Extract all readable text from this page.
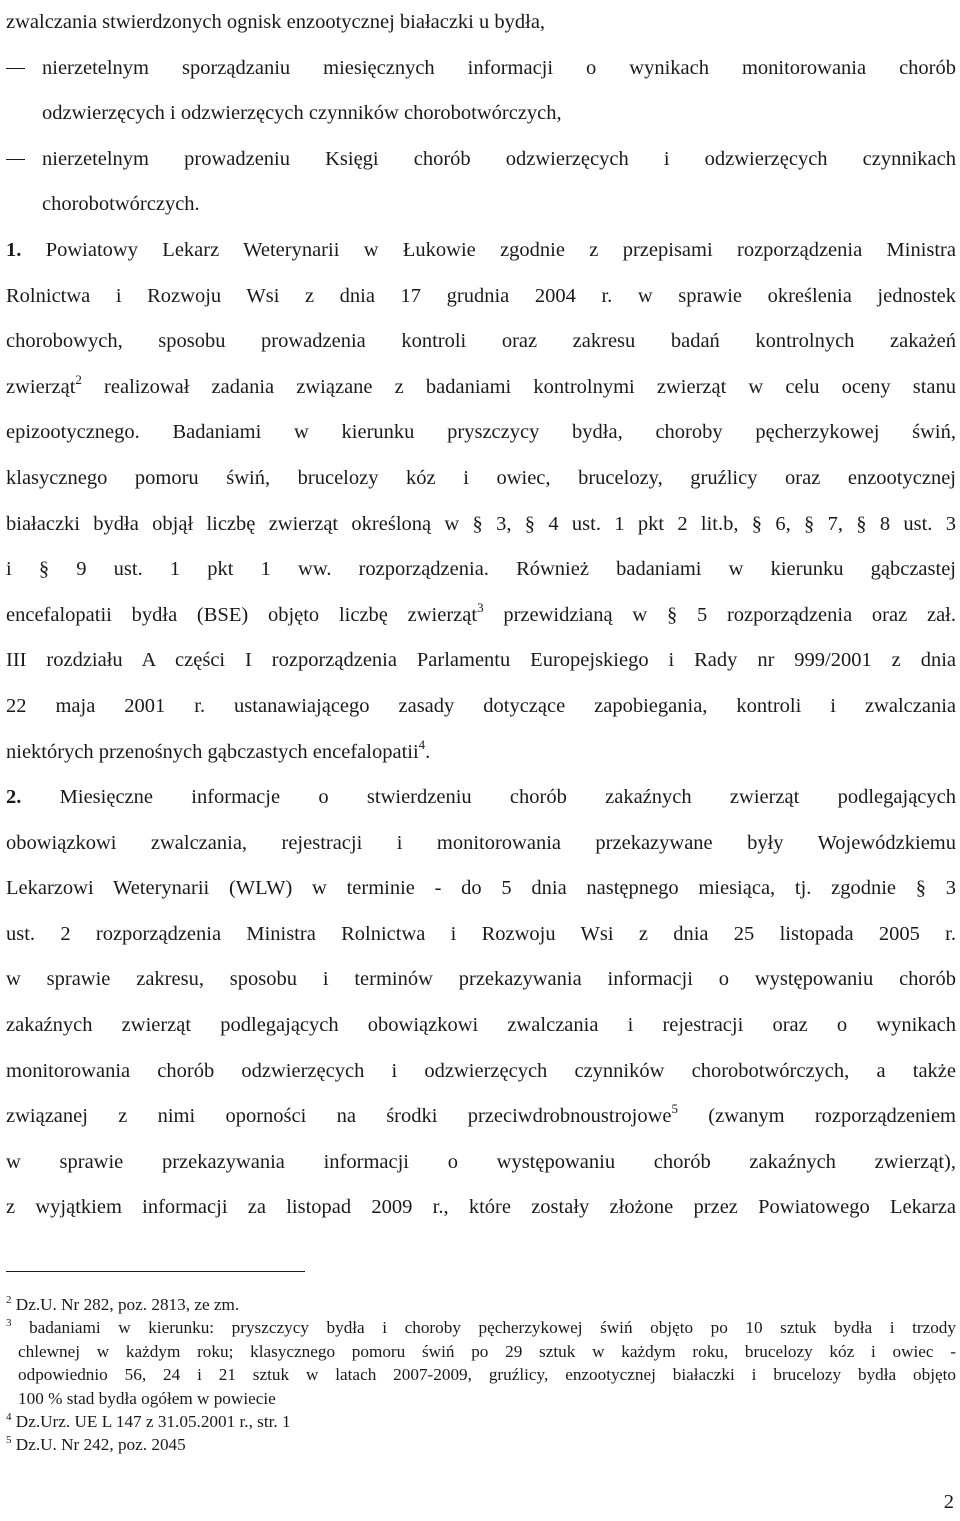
zwalczania stwierdzonych ognisk enzootycznej białaczki u bydła,
nierzetelnym sporządzaniu miesięcznych informacji o wynikach monitorowania chorób
odzwierzęcych i odzwierzęcych czynników chorobotwórczych,
nierzetelnym prowadzeniu Księgi chorób odzwierzęcych i odzwierzęcych czynnikach
chorobotwórczych.
1. Powiatowy Lekarz Weterynarii w Łukowie zgodnie z przepisami rozporządzenia Ministra
Rolnictwa i Rozwoju Wsi z dnia 17 grudnia 2004 r. w sprawie określenia jednostek
chorobowych, sposobu prowadzenia kontroli oraz zakresu badań kontrolnych zakażeń
zwierząt$^2$ realizował zadania związane z badaniami kontrolnymi zwierząt w celu oceny stanu
epizootycznego. Badaniami w kierunku pryszczycy bydła, choroby pęcherzykowej świń,
klasycznego pomoru świń, brucelozy kóz i owiec, brucelozy, gruźlicy oraz enzootycznej
białaczki bydła objął liczbę zwierząt określoną w § 3, § 4 ust. 1 pkt 2 lit.b, § 6, § 7, § 8 ust. 3
i § 9 ust. 1 pkt 1 ww. rozporządzenia. Również badaniami w kierunku gąbczastej
encefalopatii bydła (BSE) objęto liczbę zwierząt$^3$ przewidzianą w § 5 rozporządzenia oraz zał.
III rozdziału A części I rozporządzenia Parlamentu Europejskiego i Rady nr 999/2001 z dnia
22 maja 2001 r. ustanawiającego zasady dotyczące zapobiegania, kontroli i zwalczania
niektórych przenośnych gąbczastych encefalopatii$^4$.
2. Miesięczne informacje o stwierdzeniu chorób zakaźnych zwierząt podlegających
obowiązkowi zwalczania, rejestracji i monitorowania przekazywane były Wojewódzkiemu
Lekarzowi Weterynarii (WLW) w terminie - do 5 dnia następnego miesiąca, tj. zgodnie § 3
ust. 2 rozporządzenia Ministra Rolnictwa i Rozwoju Wsi z dnia 25 listopada 2005 r.
w sprawie zakresu, sposobu i terminów przekazywania informacji o występowaniu chorób
zakaźnych zwierząt podlegających obowiązkowi zwalczania i rejestracji oraz o wynikach
monitorowania chorób odzwierzęcych i odzwierzęcych czynników chorobotwórczych, a także
związanej z nimi oporności na środki przeciwdrobnoustrojowe$^5$ (zwanym rozporządzeniem
w sprawie przekazywania informacji o występowaniu chorób zakaźnych zwierząt),
z wyjątkiem informacji za listopad 2009 r., które zostały złożone przez Powiatowego Lekarza
$^2$ Dz.U. Nr 282, poz. 2813, ze zm.
$^3$ badaniami w kierunku: pryszczycy bydła i choroby pęcherzykowej świń objęto po 10 sztuk bydła i trzody
chlewnej w każdym roku; klasycznego pomoru świń po 29 sztuk w każdym roku, brucelozy kóz i owiec -
odpowiednio 56, 24 i 21 sztuk w latach 2007-2009, gruźlicy, enzootycznej białaczki i brucelozy bydła objęto
100 % stad bydła ogółem w powiecie
$^4$ Dz.Urz. UE L 147 z 31.05.2001 r., str. 1
$^5$ Dz.U. Nr 242, poz. 2045
2
